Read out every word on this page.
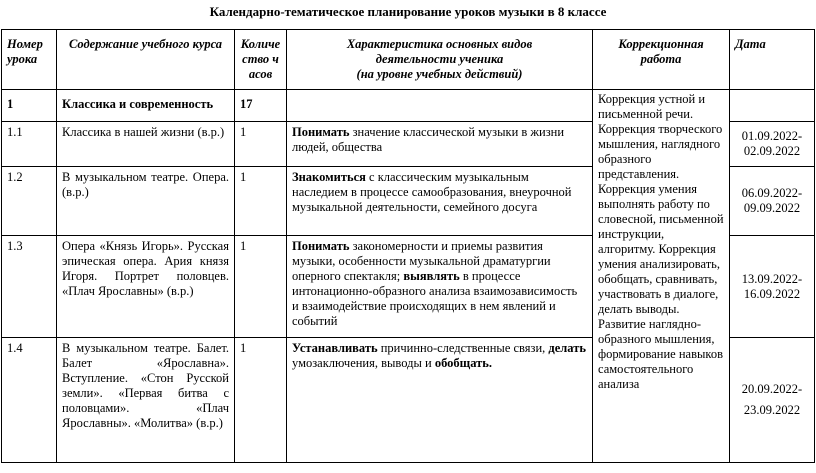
Календарно-тематическое планирование уроков музыки в 8 классе
Номер урока	Содержание учебного курса	Количество часов	Характеристика основных видов
деятельности ученика
(на уровне учебных действий)	Коррекционная работа	Дата
1	Классика и современность	17		Коррекция устной и письменной речи. Коррекция творческого мышления, наглядного образного представления. Коррекция умения выполнять работу по словесной, письменной инструкции, алгоритму. Коррекция умения анализировать, обобщать, сравнивать, участвовать в диалоге, делать выводы. Развитие наглядно-образного мышления, формирование навыков самостоятельного анализа	
1.1	Классика в нашей жизни (в.р.)	1	Понимать значение классической музыки в жизни людей, общества		01.09.2022-
02.09.2022

1.2	В музыкальном театре. Опера. (в.р.)	1	Знакомиться с классическим музыкальным наследием в процессе самообразования, внеурочной музыкальной деятельности, семейного досуга		06.09.2022-
09.09.2022

1.3	Опера «Князь Игорь». Русская эпическая опера. Ария князя Игоря. Портрет половцев. «Плач Ярославны» (в.р.)	1	Понимать закономерности и приемы развития музыки, особенности музыкальной драматургии оперного спектакля; выявлять в процессе интонационно-образного анализа взаимозависимость и взаимодействие происходящих в нем явлений и событий		13.09.2022-
16.09.2022

1.4	В музыкальном театре. Балет. Балет «Ярославна». Вступление. «Стон Русской земли». «Первая битва с половцами». «Плач Ярославны». «Молитва» (в.р.)	1	Устанавливать причинно-следственные связи, делать умозаключения, выводы и обобщать.		20.09.2022-
23.09.2022
